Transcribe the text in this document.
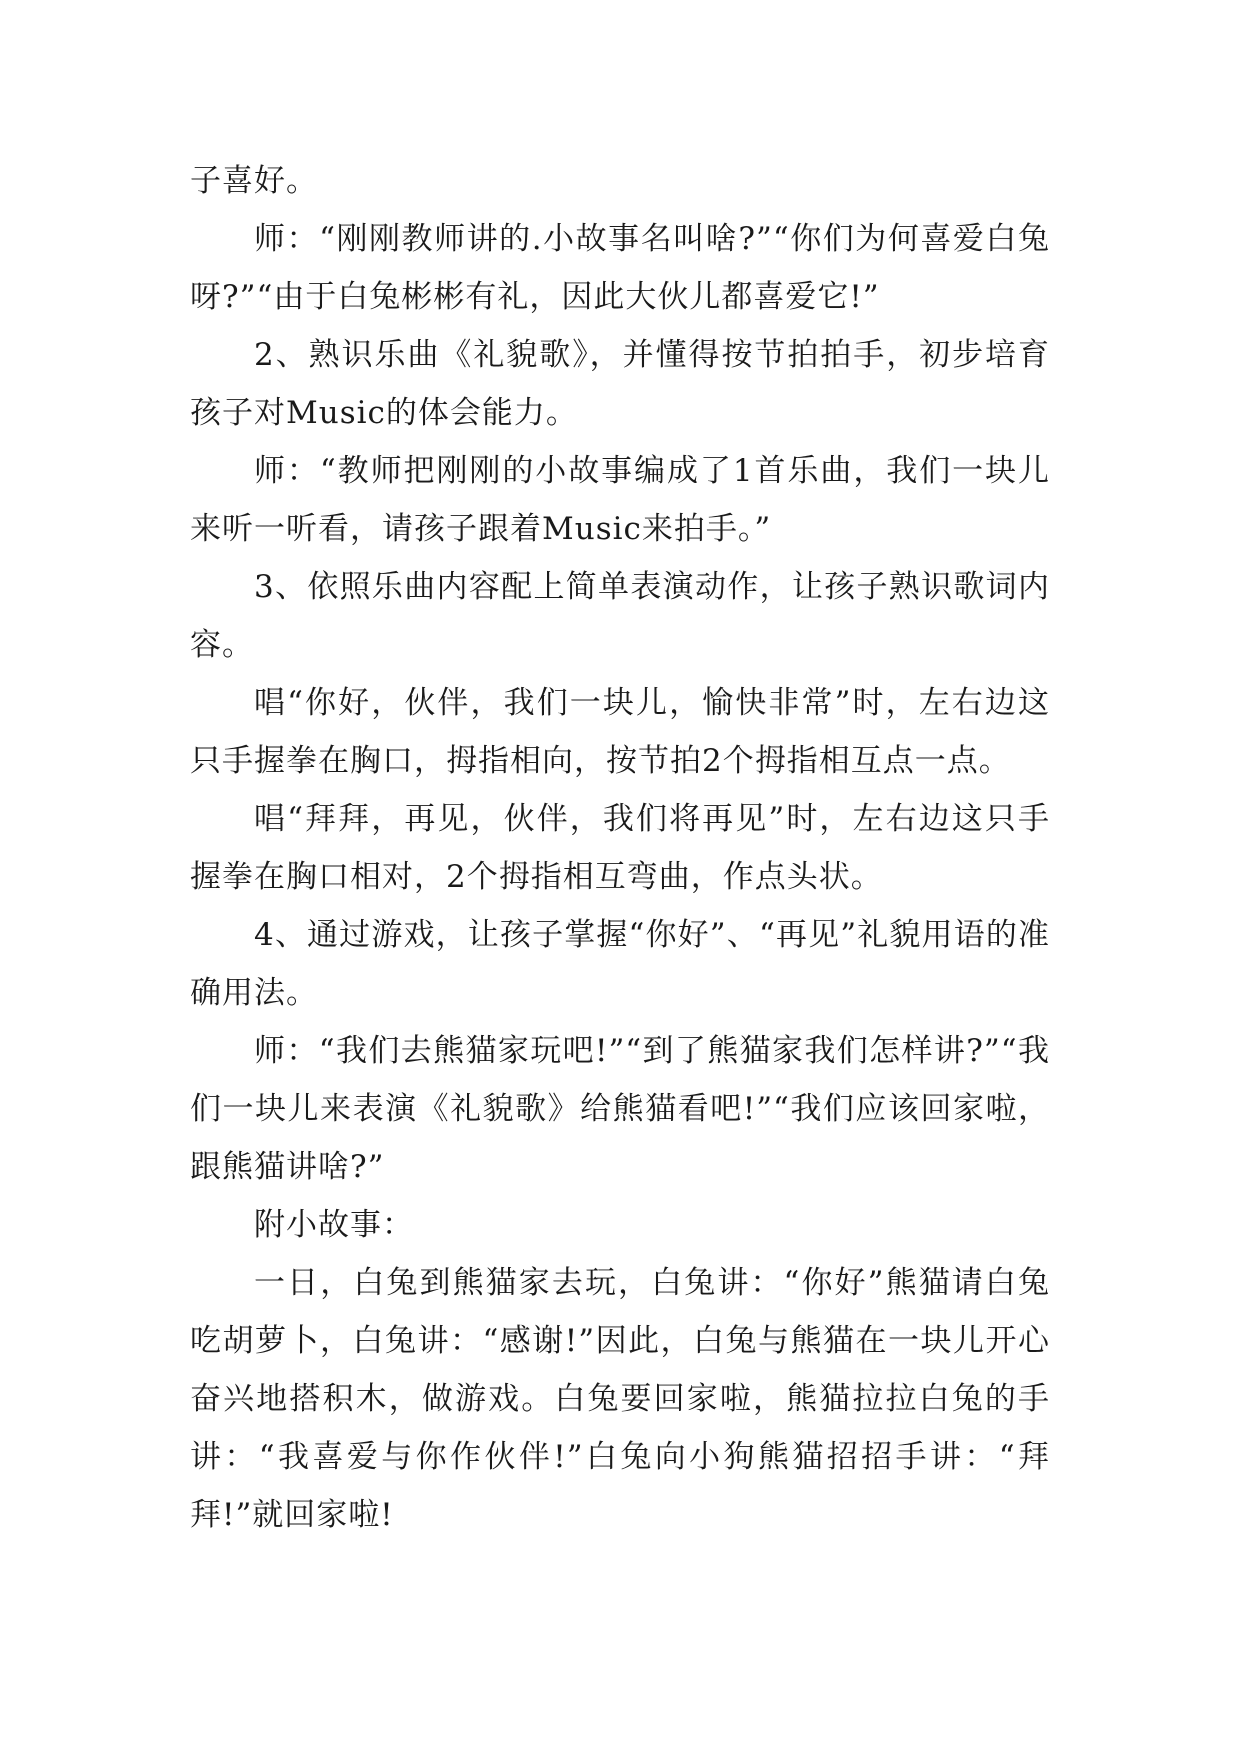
子喜好。

师：“刚刚教师讲的.小故事名叫啥?”“你们为何喜爱白兔呀?”“由于白兔彬彬有礼，因此大伙儿都喜爱它!”

2、熟识乐曲《礼貌歌》，并懂得按节拍拍手，初步培育孩子对Music的体会能力。

师：“教师把刚刚的小故事编成了1首乐曲，我们一块儿来听一听看，请孩子跟着Music来拍手。”

3、依照乐曲内容配上简单表演动作，让孩子熟识歌词内容。

唱“你好，伙伴，我们一块儿，愉快非常”时，左右边这只手握拳在胸口，拇指相向，按节拍2个拇指相互点一点。

唱“拜拜，再见，伙伴，我们将再见”时，左右边这只手握拳在胸口相对，2个拇指相互弯曲，作点头状。

4、通过游戏，让孩子掌握“你好”、“再见”礼貌用语的准确用法。

师：“我们去熊猫家玩吧!”“到了熊猫家我们怎样讲?”“我们一块儿来表演《礼貌歌》给熊猫看吧!”“我们应该回家啦，跟熊猫讲啥?”

附小故事：

一日，白兔到熊猫家去玩，白兔讲：“你好”熊猫请白兔吃胡萝卜，白兔讲：“感谢!”因此，白兔与熊猫在一块儿开心奋兴地搭积木，做游戏。白兔要回家啦，熊猫拉拉白兔的手讲：“我喜爱与你作伙伴!”白兔向小狗熊猫招招手讲：“拜拜!”就回家啦!
